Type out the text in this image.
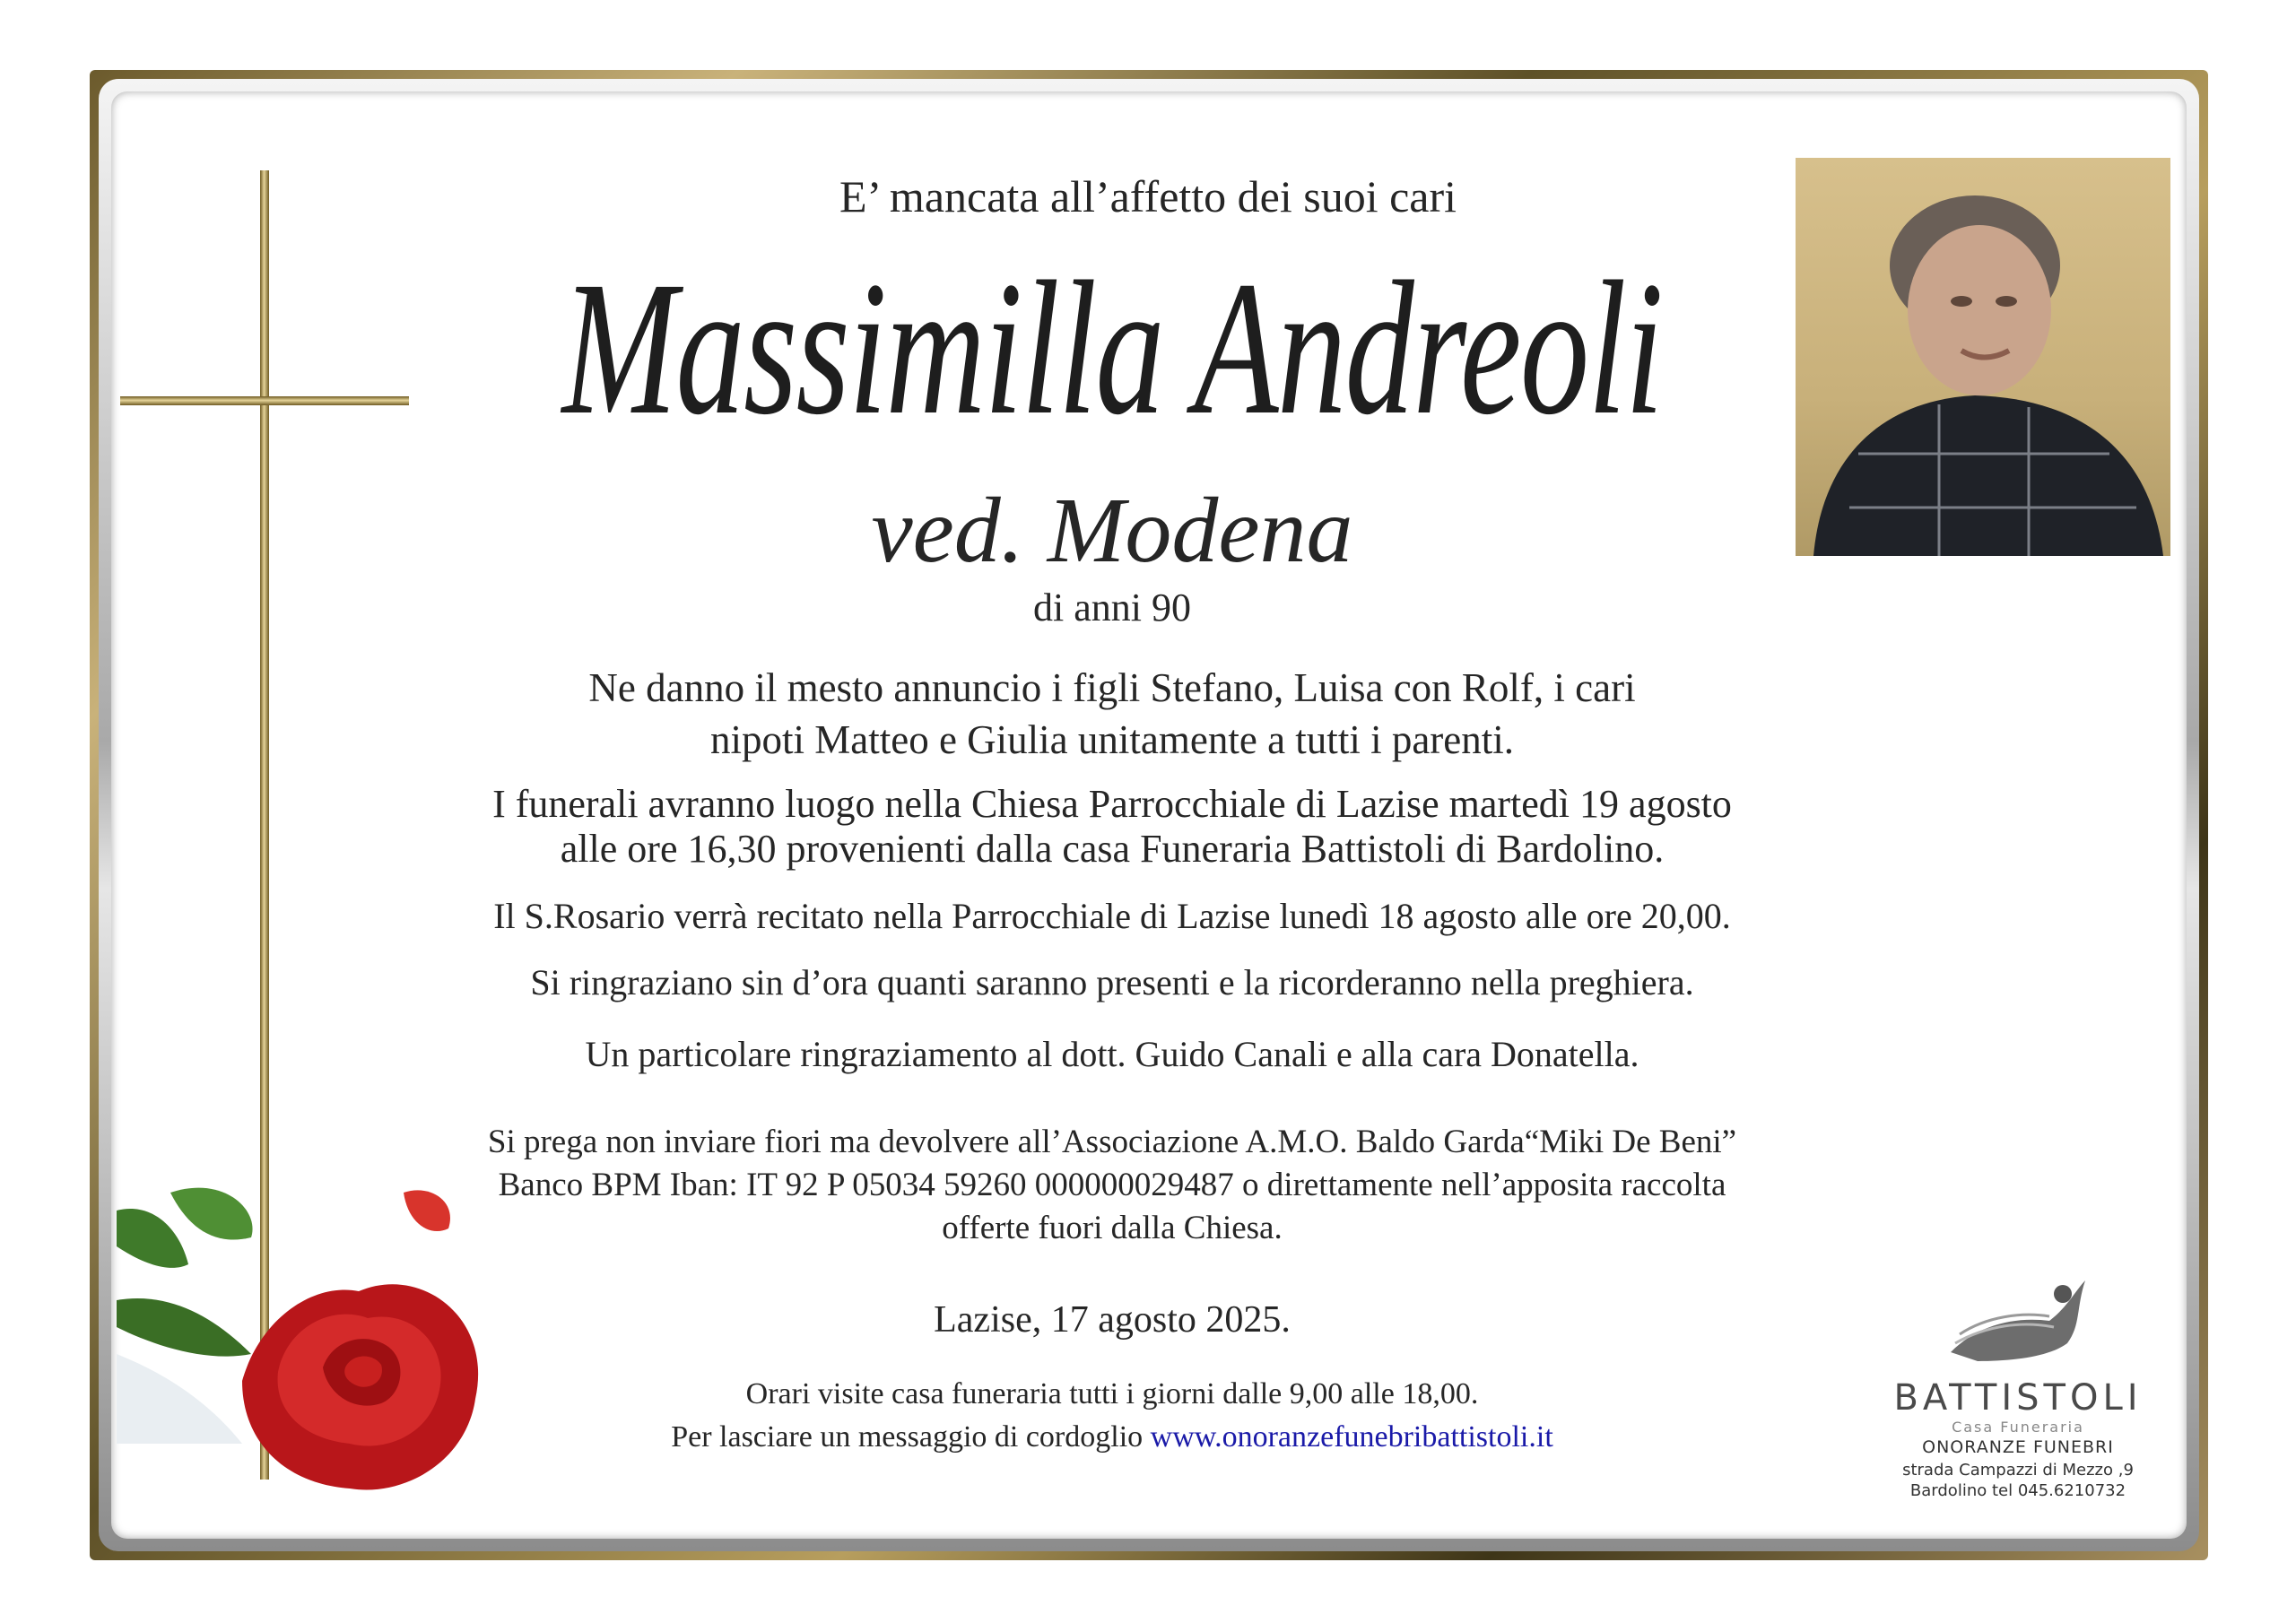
E’ mancata all’affetto dei suoi cari
Massimilla Andreoli
ved. Modena
di anni 90
Ne danno il mesto annuncio i figli Stefano, Luisa con Rolf, i cari
nipoti Matteo e Giulia unitamente a tutti i parenti.
I funerali avranno luogo nella Chiesa Parrocchiale di Lazise martedì 19 agosto
alle ore 16,30 provenienti dalla casa Funeraria Battistoli di Bardolino.
Il S.Rosario verrà recitato nella Parrocchiale di Lazise lunedì 18 agosto alle ore 20,00.
Si ringraziano sin d’ora quanti saranno presenti e la ricorderanno nella preghiera.
Un particolare ringraziamento al dott. Guido Canali e alla cara Donatella.
Si prega non inviare fiori ma devolvere all’Associazione A.M.O. Baldo Garda“Miki De Beni”
Banco BPM Iban: IT 92 P 05034 59260 000000029487 o direttamente nell’apposita raccolta
offerte fuori dalla Chiesa.
Lazise, 17 agosto 2025.
Orari visite casa funeraria tutti i giorni dalle 9,00 alle 18,00.
Per lasciare un messaggio di cordoglio www.onoranzefunebribattistoli.it
BATTISTOLI
Casa Funeraria
ONORANZE FUNEBRI
strada Campazzi di Mezzo ,9
Bardolino tel 045.6210732
